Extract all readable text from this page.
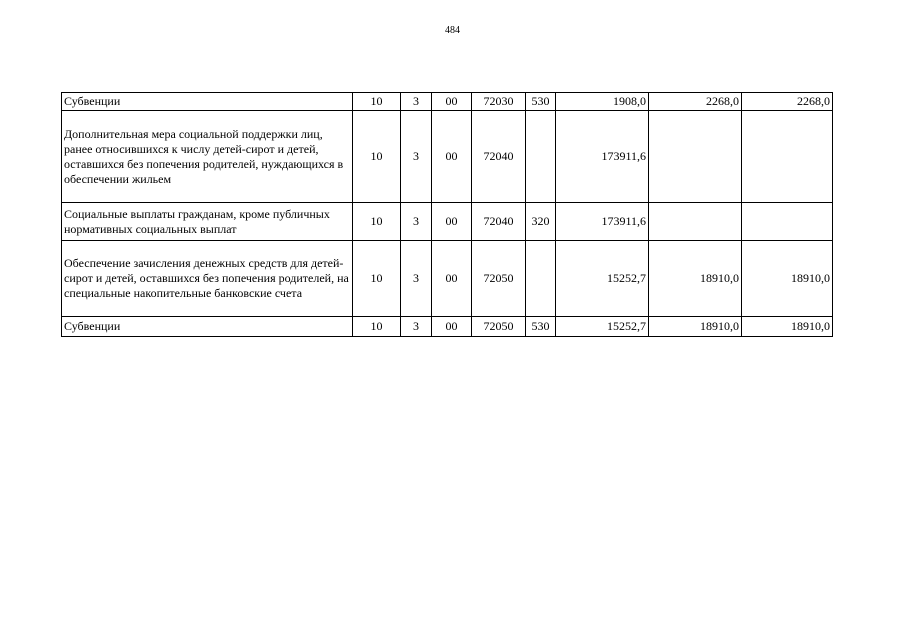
484
Субвенции	10	3	00	72030	530	1908,0	2268,0	2268,0
Дополнительная мера социальной поддержки лиц, ранее относившихся к числу детей-сирот и детей, оставшихся без попечения родителей, нуждающихся в обеспечении жильем	10	3	00	72040		173911,6		
Социальные выплаты гражданам, кроме публичных нормативных социальных выплат	10	3	00	72040	320	173911,6		
Обеспечение зачисления денежных средств для детей-сирот и детей, оставшихся без попечения родителей, на специальные накопительные банковские счета	10	3	00	72050		15252,7	18910,0	18910,0
Субвенции	10	3	00	72050	530	15252,7	18910,0	18910,0
